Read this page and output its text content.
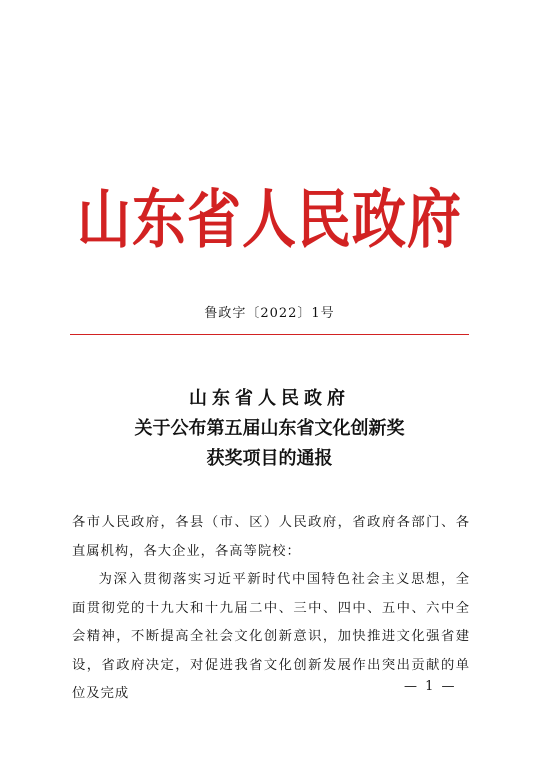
山东省人民政府
鲁政字〔2022〕1号
山东省人民政府
关于公布第五届山东省文化创新奖
获奖项目的通报

各市人民政府，各县（市、区）人民政府，省政府各部门、各直属机构，各大企业，各高等院校：

为深入贯彻落实习近平新时代中国特色社会主义思想，全面贯彻党的十九大和十九届二中、三中、四中、五中、六中全会精神，不断提高全社会文化创新意识，加快推进文化强省建设，省政府决定，对促进我省文化创新发展作出突出贡献的单位及完成	— 1 —
